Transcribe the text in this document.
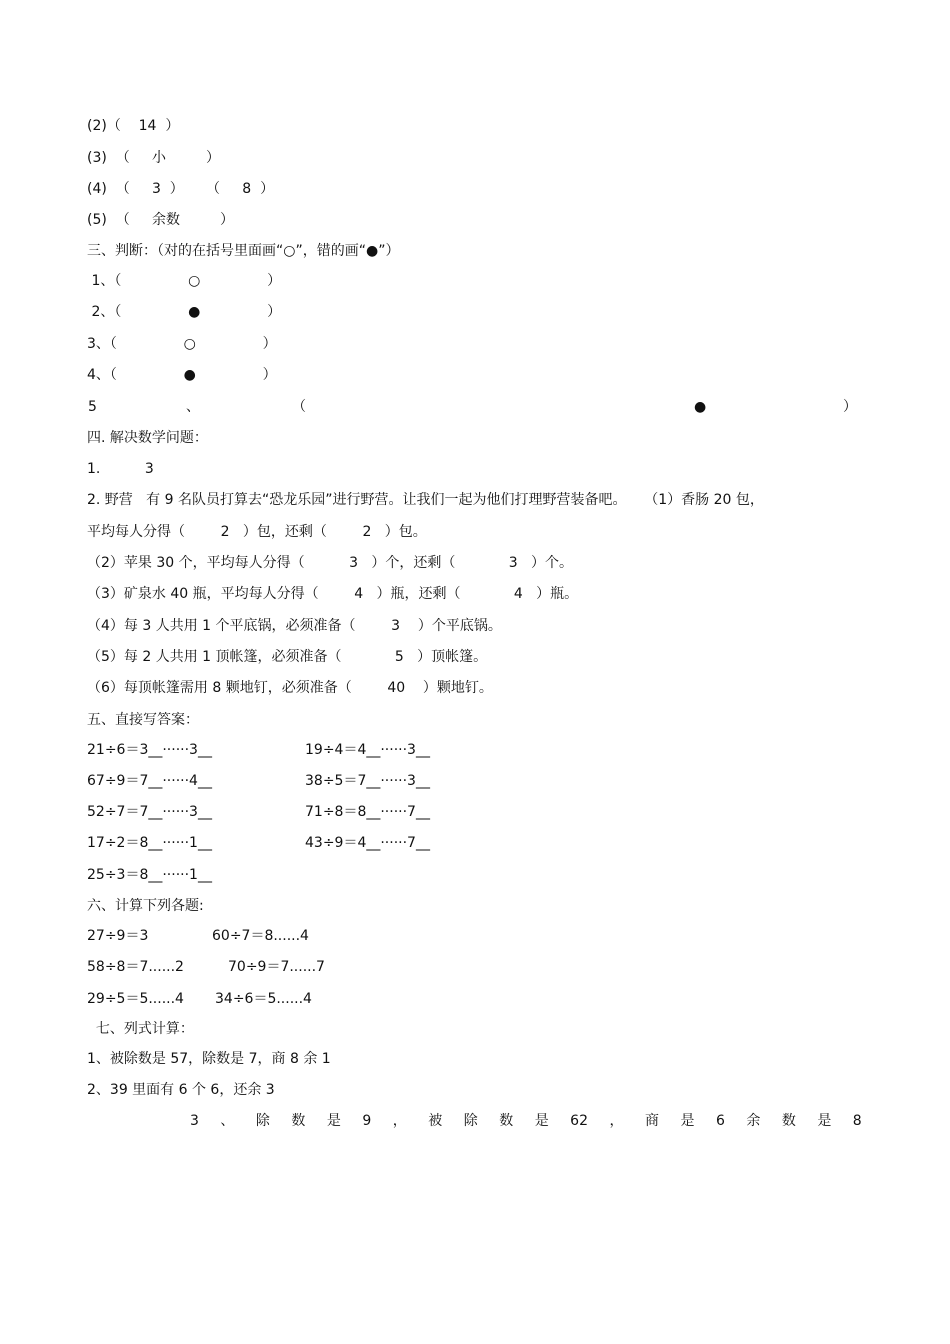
(2)（    14  ）
(3)  （     小         ）
(4)  （     3  ）     （     8  ）
(5)  （     余数         ）
三、判断：（对的在括号里面画“○”，错的画“●”）
1、（               ○               ）
2、（               ●               ）
3、（               ○               ）
4、（               ●               ）
5	、	（	●	）
四. 解决数学问题：
1.          3
2. 野营   有 9 名队员打算去“恐龙乐园”进行野营。让我们一起为他们打理野营装备吧。    （1）香肠 20 包，
平均每人分得（        2   ）包，还剩（        2   ）包。
（2）苹果 30 个，平均每人分得（          3   ）个，还剩（            3   ）个。
（3）矿泉水 40 瓶，平均每人分得（        4   ）瓶，还剩（            4   ）瓶。
（4）每 3 人共用 1 个平底锅，必须准备（        3    ）个平底锅。
（5）每 2 人共用 1 顶帐篷，必须准备（            5   ）顶帐篷。
（6）每顶帐篷需用 8 颗地钉，必须准备（        40    ）颗地钉。
五、直接写答案：
21÷6＝3__······3__	19÷4＝4__······3__
67÷9＝7__······4__	38÷5＝7__······3__
52÷7＝7__······3__	71÷8＝8__······7__
17÷2＝8__······1__	43÷9＝4__······7__
25÷3＝8__······1__
六、计算下列各题:
27÷9＝3	60÷7＝8......4
58÷8＝7......2	70÷9＝7......7
29÷5＝5......4 34÷6＝5......4
七、列式计算：
1、被除数是 57，除数是 7，商 8 余 1
2、39 里面有 6 个 6，还余 3
3 、 除 数 是 9 ， 被 除 数 是 62 ， 商 是 6 余 数 是 8
